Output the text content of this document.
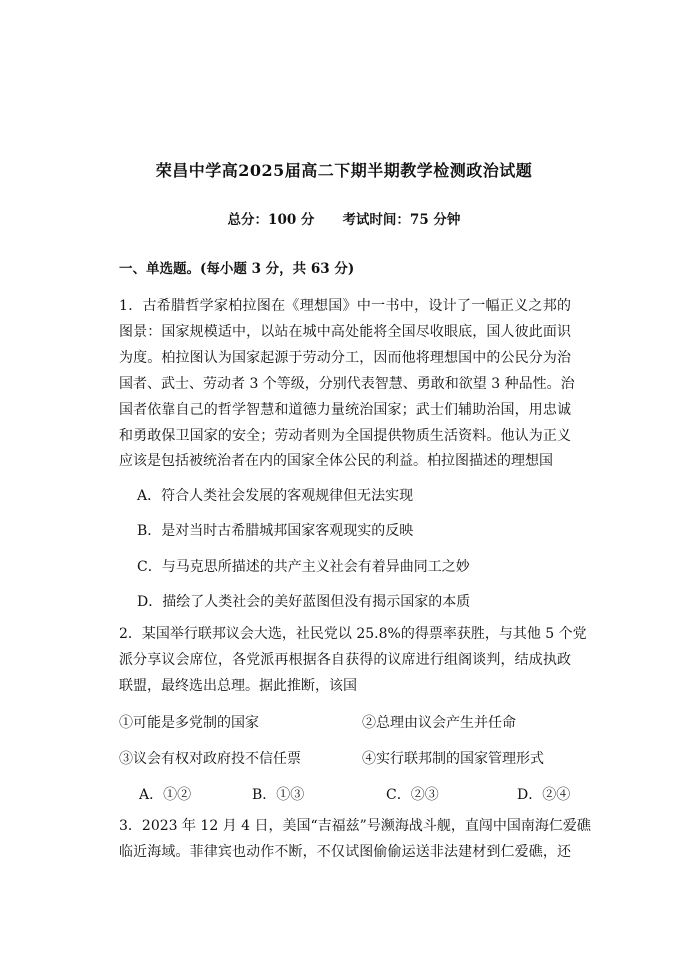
荣昌中学高2025届高二下期半期教学检测政治试题
总分：100 分 考试时间：75 分钟
一、单选题。(每小题 3 分，共 63 分)
1．古希腊哲学家柏拉图在《理想国》中一书中，设计了一幅正义之邦的
图景：国家规模适中，以站在城中高处能将全国尽收眼底，国人彼此面识
为度。柏拉图认为国家起源于劳动分工，因而他将理想国中的公民分为治
国者、武士、劳动者 3 个等级，分别代表智慧、勇敢和欲望 3 种品性。治
国者依靠自己的哲学智慧和道德力量统治国家；武士们辅助治国，用忠诚
和勇敢保卫国家的安全；劳动者则为全国提供物质生活资料。他认为正义
应该是包括被统治者在内的国家全体公民的利益。柏拉图描述的理想国
A．符合人类社会发展的客观规律但无法实现
B．是对当时古希腊城邦国家客观现实的反映
C．与马克思所描述的共产主义社会有着异曲同工之妙
D．描绘了人类社会的美好蓝图但没有揭示国家的本质
2．某国举行联邦议会大选，社民党以 25.8%的得票率获胜，与其他 5 个党
派分享议会席位，各党派再根据各自获得的议席进行组阁谈判，结成执政
联盟，最终选出总理。据此推断，该国
①可能是多党制的国家	②总理由议会产生并任命
③议会有权对政府投不信任票	④实行联邦制的国家管理形式
A．①②	B．①③	C．②③	D．②④
3．2023 年 12 月 4 日，美国“吉福兹”号濒海战斗舰，直闯中国南海仁爱礁
临近海域。菲律宾也动作不断，不仅试图偷偷运送非法建材到仁爱礁，还
